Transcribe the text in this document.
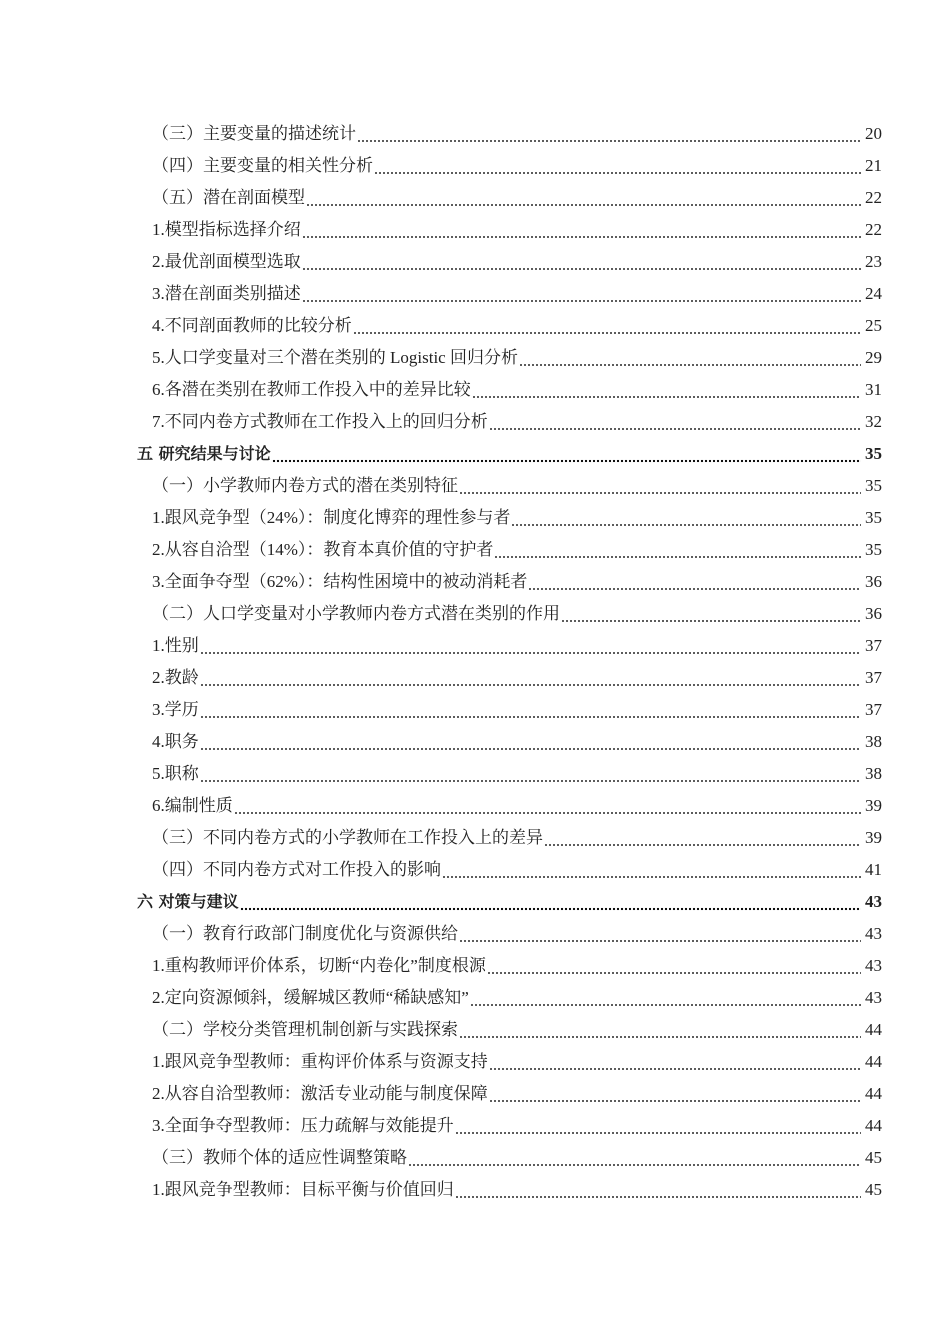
（三）主要变量的描述统计	20
（四）主要变量的相关性分析	21
（五）潜在剖面模型	22
1.模型指标选择介绍	22
2.最优剖面模型选取	23
3.潜在剖面类别描述	24
4.不同剖面教师的比较分析	25
5.人口学变量对三个潜在类别的 Logistic 回归分析	29
6.各潜在类别在教师工作投入中的差异比较	31
7.不同内卷方式教师在工作投入上的回归分析	32
五 研究结果与讨论	35
（一）小学教师内卷方式的潜在类别特征	35
1.跟风竞争型（24%）：制度化博弈的理性参与者	35
2.从容自洽型（14%）：教育本真价值的守护者	35
3.全面争夺型（62%）：结构性困境中的被动消耗者	36
（二）人口学变量对小学教师内卷方式潜在类别的作用	36
1.性别	37
2.教龄	37
3.学历	37
4.职务	38
5.职称	38
6.编制性质	39
（三）不同内卷方式的小学教师在工作投入上的差异	39
（四）不同内卷方式对工作投入的影响	41
六 对策与建议	43
（一）教育行政部门制度优化与资源供给	43
1.重构教师评价体系，切断“内卷化”制度根源	43
2.定向资源倾斜，缓解城区教师“稀缺感知”	43
（二）学校分类管理机制创新与实践探索	44
1.跟风竞争型教师：重构评价体系与资源支持	44
2.从容自洽型教师：激活专业动能与制度保障	44
3.全面争夺型教师：压力疏解与效能提升	44
（三）教师个体的适应性调整策略	45
1.跟风竞争型教师：目标平衡与价值回归	45
